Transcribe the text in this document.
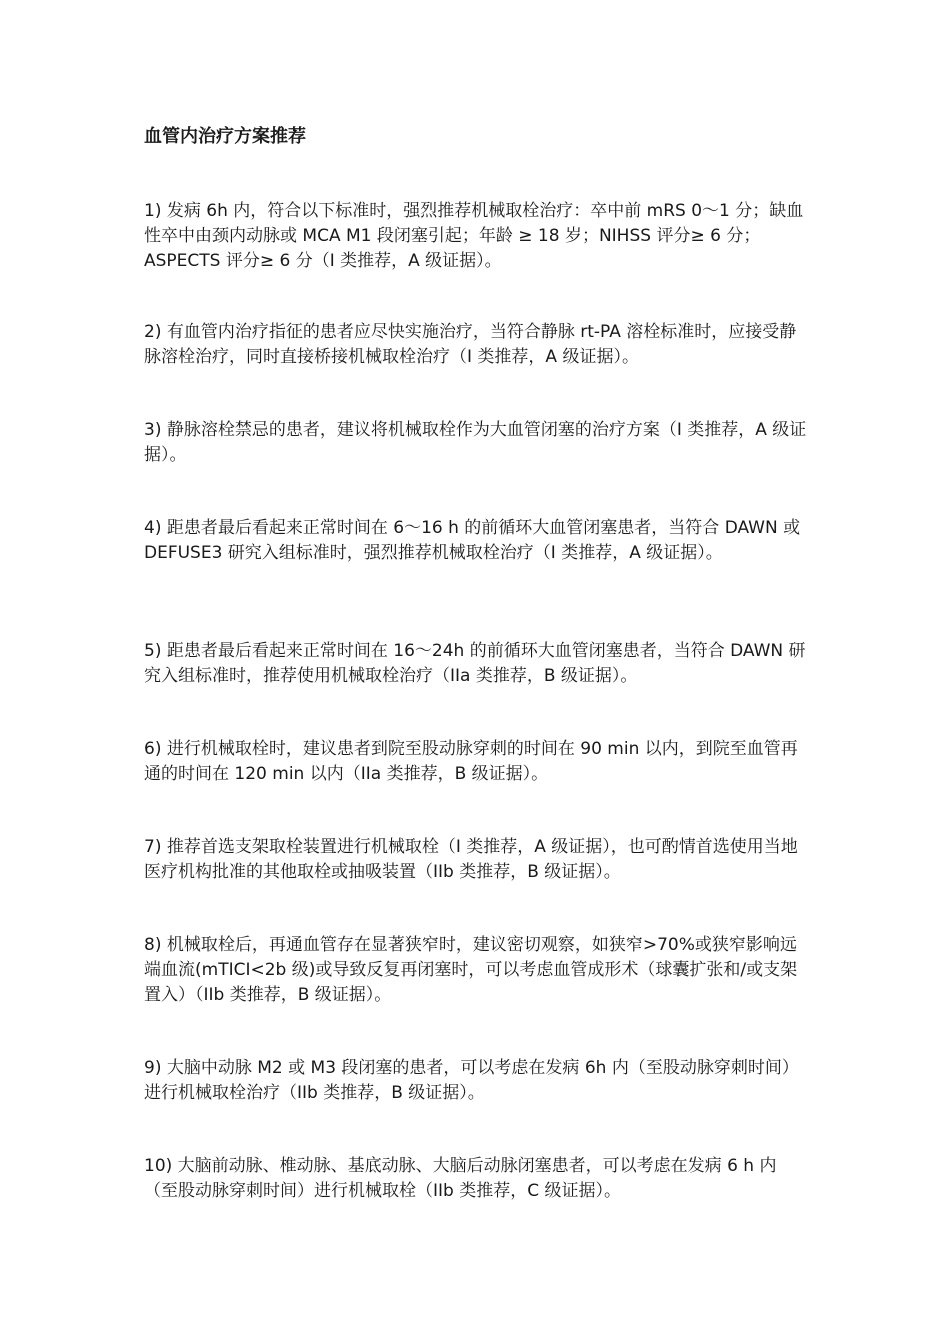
血管内治疗方案推荐

1) 发病 6h 内，符合以下标准时，强烈推荐机械取栓治疗：卒中前 mRS 0～1 分；缺血性卒中由颈内动脉或 MCA M1 段闭塞引起；年龄 ≥ 18 岁；NIHSS 评分≥ 6 分；ASPECTS 评分≥ 6 分（I 类推荐，A 级证据）。

2) 有血管内治疗指征的患者应尽快实施治疗，当符合静脉 rt-PA 溶栓标准时，应接受静脉溶栓治疗，同时直接桥接机械取栓治疗（I 类推荐，A 级证据）。

3) 静脉溶栓禁忌的患者，建议将机械取栓作为大血管闭塞的治疗方案（I 类推荐，A 级证据）。

4) 距患者最后看起来正常时间在 6～16 h 的前循环大血管闭塞患者，当符合 DAWN 或 DEFUSE3 研究入组标准时，强烈推荐机械取栓治疗（I 类推荐，A 级证据）。

5) 距患者最后看起来正常时间在 16～24h 的前循环大血管闭塞患者，当符合 DAWN 研究入组标准时，推荐使用机械取栓治疗（IIa 类推荐，B 级证据）。

6) 进行机械取栓时，建议患者到院至股动脉穿刺的时间在 90 min 以内，到院至血管再通的时间在 120 min 以内（IIa 类推荐，B 级证据）。

7) 推荐首选支架取栓装置进行机械取栓（I 类推荐，A 级证据），也可酌情首选使用当地医疗机构批准的其他取栓或抽吸装置（IIb 类推荐，B 级证据）。

8) 机械取栓后，再通血管存在显著狭窄时，建议密切观察，如狭窄>70%或狭窄影响远端血流(mTICI<2b 级)或导致反复再闭塞时，可以考虑血管成形术（球囊扩张和/或支架置入）（IIb 类推荐，B 级证据）。

9) 大脑中动脉 M2 或 M3 段闭塞的患者，可以考虑在发病 6h 内（至股动脉穿刺时间）进行机械取栓治疗（IIb 类推荐，B 级证据）。

10) 大脑前动脉、椎动脉、基底动脉、大脑后动脉闭塞患者，可以考虑在发病 6 h 内（至股动脉穿刺时间）进行机械取栓（IIb 类推荐，C 级证据）。
